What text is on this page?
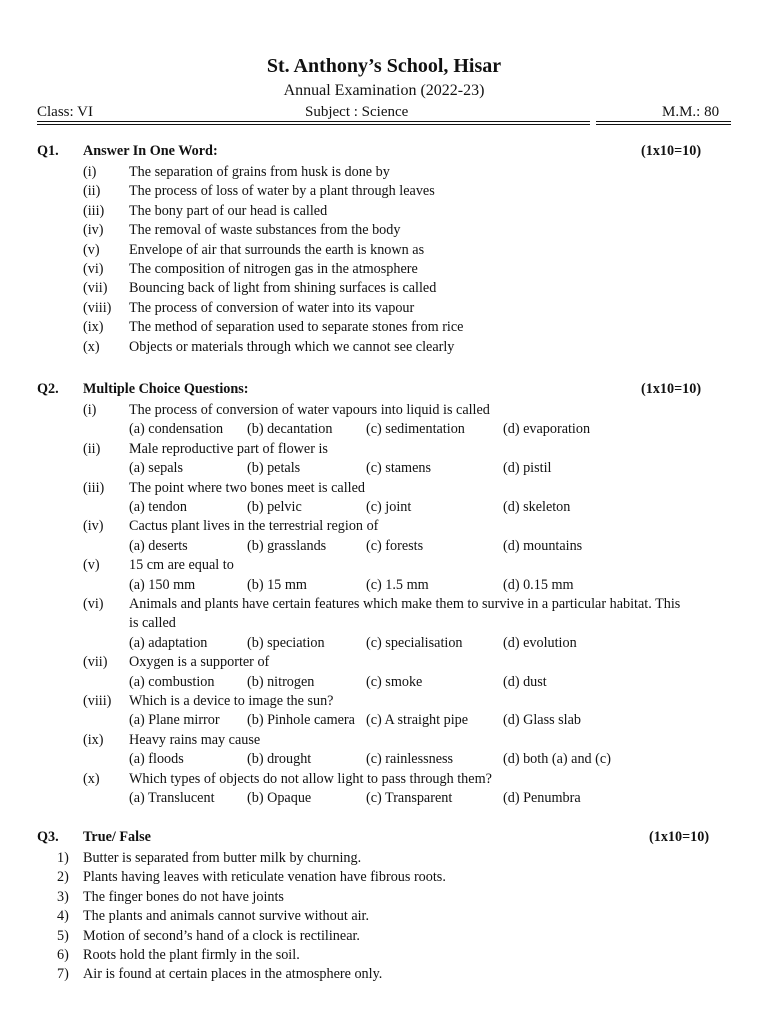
St. Anthony’s School, Hisar
Annual Examination (2022-23)
Class: VI	Subject : Science	M.M.: 80
Q1. Answer In One Word:	(1x10=10)
(i) The separation of grains from husk is done by
(ii) The process of loss of water by a plant through leaves
(iii) The bony part of our head is called
(iv) The removal of waste substances from the body
(v) Envelope of air that surrounds the earth is known as
(vi) The composition of nitrogen gas in the atmosphere
(vii) Bouncing back of light from shining surfaces is called
(viii) The process of conversion of water into its vapour
(ix) The method of separation used to separate stones from rice
(x) Objects or materials through which we cannot see clearly
Q2. Multiple Choice Questions:	(1x10=10)
(i) The process of conversion of water vapours into liquid is called
(a) condensation (b) decantation (c) sedimentation	(d) evaporation
(ii) Male reproductive part of flower is
(a) sepals	(b) petals	(c) stamens	(d) pistil
(iii) The point where two bones meet is called
(a) tendon	(b) pelvic	(c) joint	(d) skeleton
(iv) Cactus plant lives in the terrestrial region of
(a) deserts	(b) grasslands	(c) forests	(d) mountains
(v) 15 cm are equal to
(a) 150 mm	(b) 15 mm	(c) 1.5 mm	(d) 0.15 mm
(vi) Animals and plants have certain features which make them to survive in a particular habitat. This
is called
(a) adaptation	(b) speciation	(c) specialisation	(d) evolution
(vii) Oxygen is a supporter of
(a) combustion (b) nitrogen	(c) smoke	(d) dust
(viii) Which is a device to image the sun?
(a) Plane mirror (b) Pinhole camera (c) A straight pipe (d) Glass slab
(ix) Heavy rains may cause
(a) floods	(b) drought	(c) rainlessness	(d) both (a) and (c)
(x) Which types of objects do not allow light to pass through them?
(a) Translucent (b) Opaque	(c) Transparent	(d) Penumbra
Q3. True/ False	(1x10=10)
1) Butter is separated from butter milk by churning.
2) Plants having leaves with reticulate venation have fibrous roots.
3) The finger bones do not have joints
4) The plants and animals cannot survive without air.
5) Motion of second’s hand of a clock is rectilinear.
6) Roots hold the plant firmly in the soil.
7) Air is found at certain places in the atmosphere only.
